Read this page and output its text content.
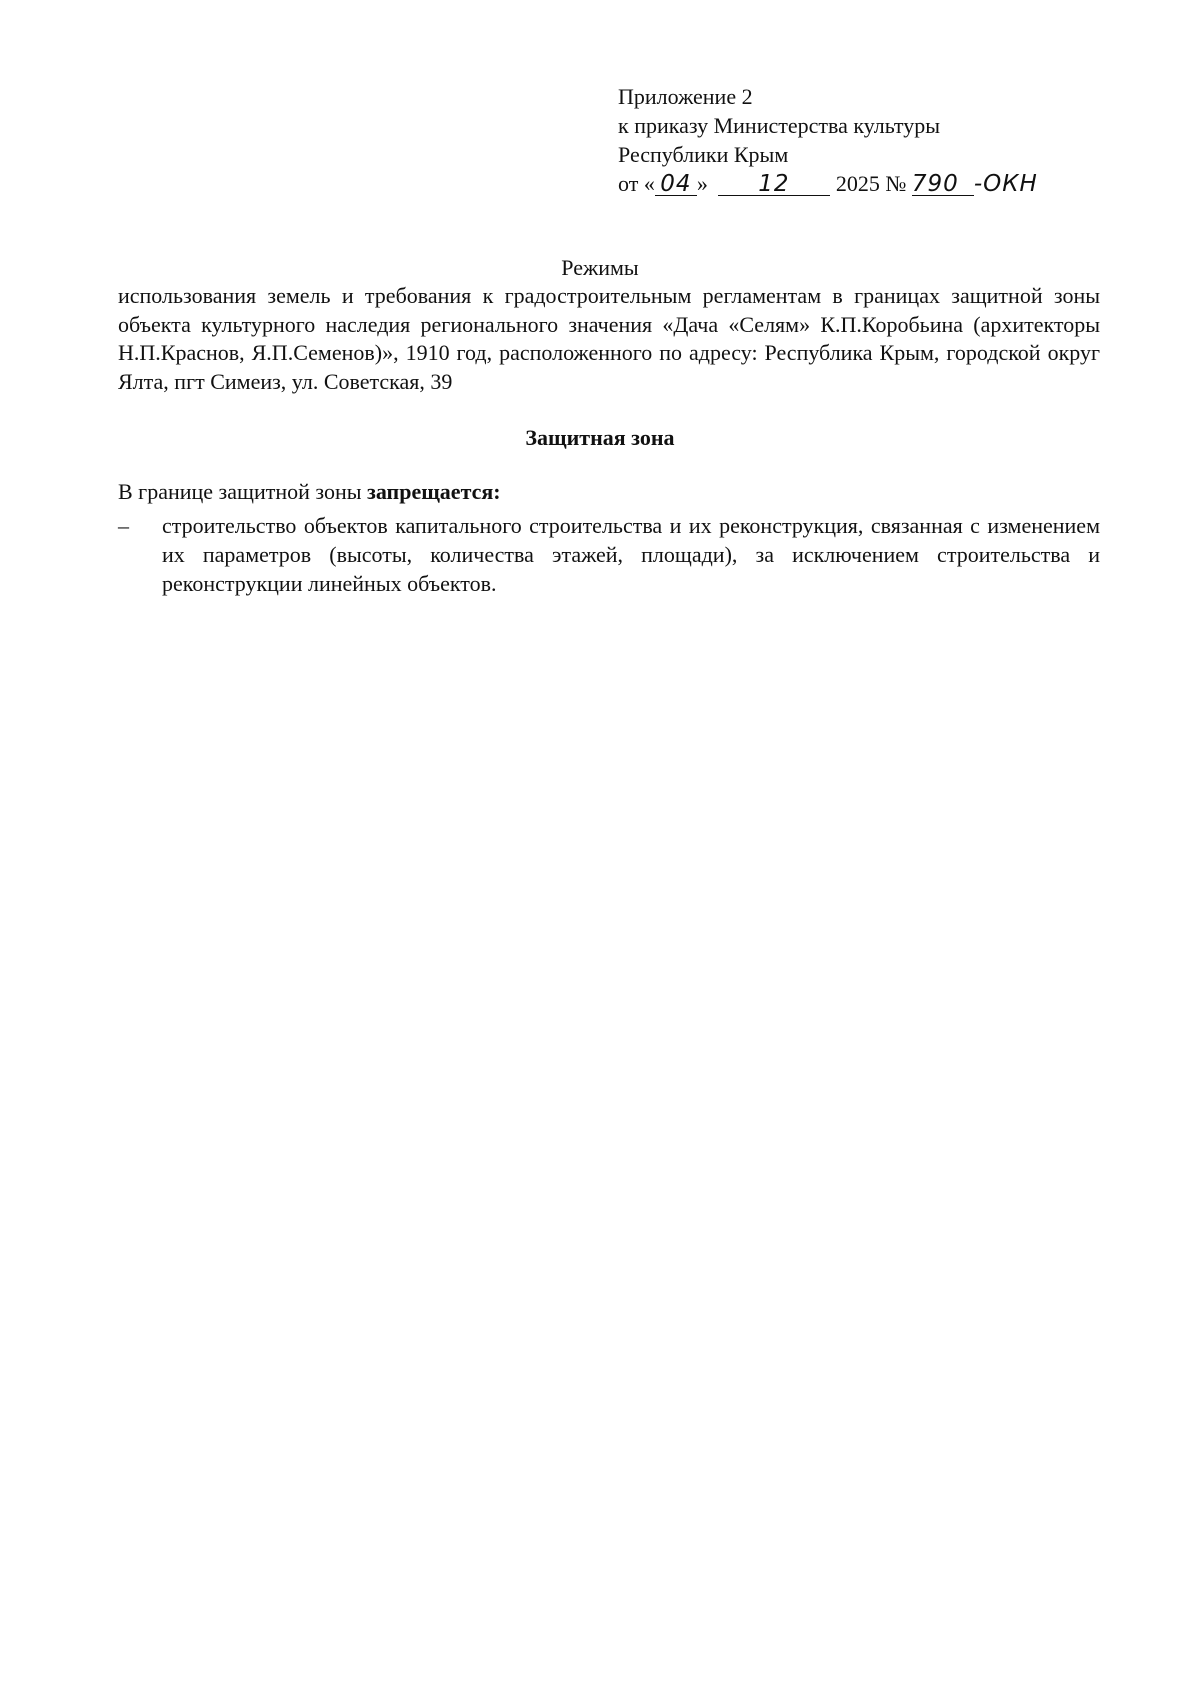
Приложение 2
к приказу Министерства культуры
Республики Крым
от « 04 » 12 2025 № 790 -ОКН
Режимы
использования земель и требования к градостроительным регламентам в границах защитной зоны объекта культурного наследия регионального значения «Дача «Селям» К.П.Коробьина (архитекторы Н.П.Краснов, Я.П.Семенов)», 1910 год, расположенного по адресу: Республика Крым, городской округ Ялта, пгт Симеиз, ул. Советская, 39
Защитная зона
В границе защитной зоны запрещается:
– строительство объектов капитального строительства и их реконструкция, связанная с изменением их параметров (высоты, количества этажей, площади), за исключением строительства и реконструкции линейных объектов.
